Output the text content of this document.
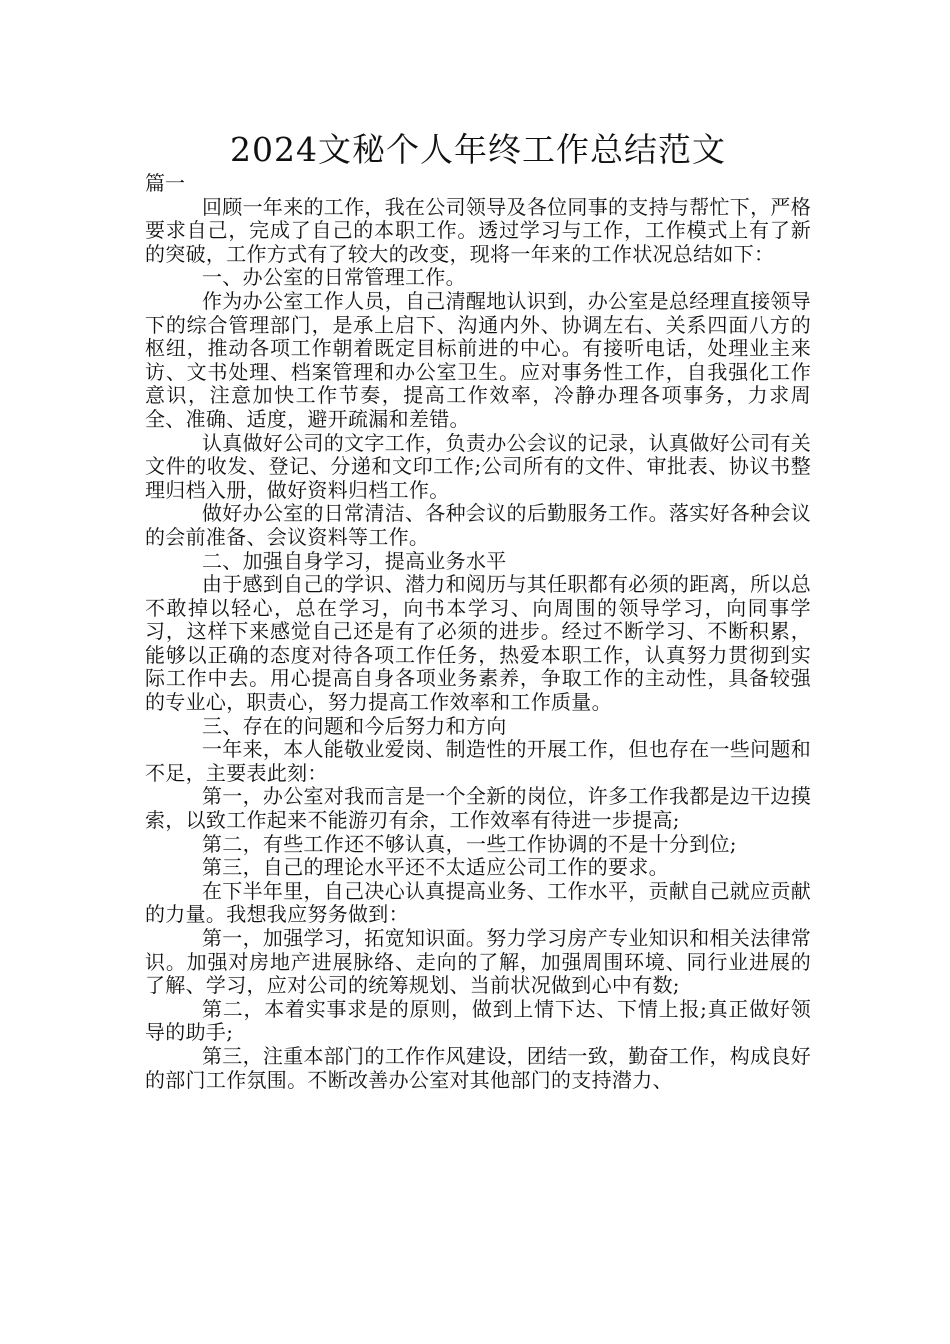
2024文秘个人年终工作总结范文

篇一

回顾一年来的工作，我在公司领导及各位同事的支持与帮忙下，严格要求自己，完成了自己的本职工作。透过学习与工作，工作模式上有了新的突破，工作方式有了较大的改变，现将一年来的工作状况总结如下：

一、办公室的日常管理工作。

作为办公室工作人员，自己清醒地认识到，办公室是总经理直接领导下的综合管理部门，是承上启下、沟通内外、协调左右、关系四面八方的枢纽，推动各项工作朝着既定目标前进的中心。有接听电话，处理业主来访、文书处理、档案管理和办公室卫生。应对事务性工作，自我强化工作意识，注意加快工作节奏，提高工作效率，冷静办理各项事务，力求周全、准确、适度，避开疏漏和差错。

认真做好公司的文字工作，负责办公会议的记录，认真做好公司有关文件的收发、登记、分递和文印工作;公司所有的文件、审批表、协议书整理归档入册，做好资料归档工作。

做好办公室的日常清洁、各种会议的后勤服务工作。落实好各种会议的会前准备、会议资料等工作。

二、加强自身学习，提高业务水平

由于感到自己的学识、潜力和阅历与其任职都有必须的距离，所以总不敢掉以轻心，总在学习，向书本学习、向周围的领导学习，向同事学习，这样下来感觉自己还是有了必须的进步。经过不断学习、不断积累，能够以正确的态度对待各项工作任务，热爱本职工作，认真努力贯彻到实际工作中去。用心提高自身各项业务素养，争取工作的主动性，具备较强的专业心，职责心，努力提高工作效率和工作质量。

三、存在的问题和今后努力和方向

一年来，本人能敬业爱岗、制造性的开展工作，但也存在一些问题和不足，主要表此刻：

第一，办公室对我而言是一个全新的岗位，许多工作我都是边干边摸索，以致工作起来不能游刃有余，工作效率有待进一步提高;

第二，有些工作还不够认真，一些工作协调的不是十分到位;

第三，自己的理论水平还不太适应公司工作的要求。

在下半年里，自己决心认真提高业务、工作水平，贡献自己就应贡献的力量。我想我应努务做到：

第一，加强学习，拓宽知识面。努力学习房产专业知识和相关法律常识。加强对房地产进展脉络、走向的了解，加强周围环境、同行业进展的了解、学习，应对公司的统筹规划、当前状况做到心中有数;

第二，本着实事求是的原则，做到上情下达、下情上报;真正做好领导的助手;

第三，注重本部门的工作作风建设，团结一致，勤奋工作，构成良好的部门工作氛围。不断改善办公室对其他部门的支持潜力、
